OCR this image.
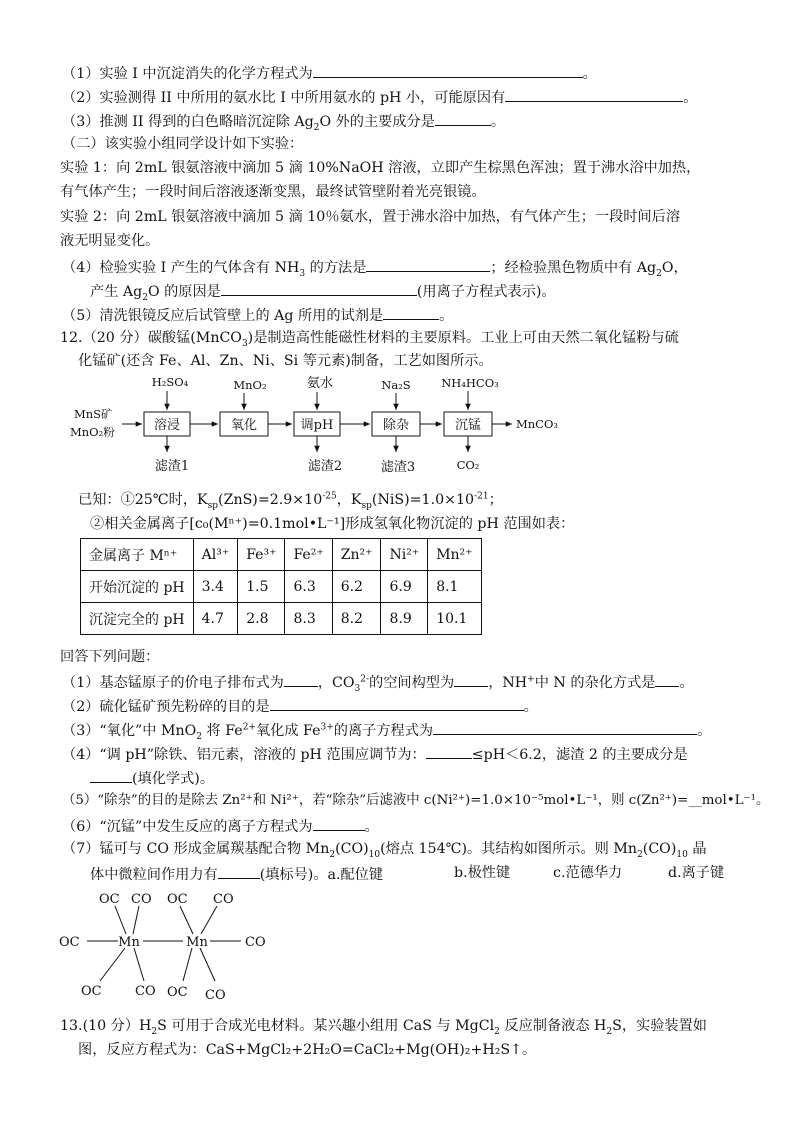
（1）实验 I 中沉淀消失的化学方程式为	。
（2）实验测得 II 中所用的氨水比 I 中所用氨水的 pH 小，可能原因有	。
（3）推测 II 得到的白色略暗沉淀除 $Ag_2O$ 外的主要成分是	。
（二）该实验小组同学设计如下实验：
实验 1：向 2mL 银氨溶液中滴加 5 滴 10%NaOH 溶液，立即产生棕黑色浑浊；置于沸水浴中加热，
有气体产生；一段时间后溶液逐渐变黑，最终试管壁附着光亮银镜。
实验 2：向 2mL 银氨溶液中滴加 5 滴 10％氨水，置于沸水浴中加热，有气体产生；一段时间后溶
液无明显变化。
（4）检验实验 I 产生的气体含有 $NH_3$ 的方法是	；经检验黑色物质中有 $Ag_2O$，
产生 $Ag_2O$ 的原因是	(用离子方程式表示)。
（5）清洗银镜反应后试管壁上的 Ag 所用的试剂是	。
12.（20 分）碳酸锰(MnCO$_3$)是制造高性能磁性材料的主要原料。工业上可由天然二氧化锰粉与硫
化锰矿(还含 Fe、Al、Zn、Ni、Si 等元素)制备，工艺如图所示。
MnS矿
MnO₂粉	溶浸	氧化	调pH	除杂	沉锰	MnCO₃
H₂SO₄	MnO₂	氨水	Na₂S	NH₄HCO₃
滤渣1	滤渣2	滤渣3	CO₂
已知：①25℃时，$K_{sp}(ZnS)=2.9\times 10^{-25}$，$K_{sp}(NiS)=1.0\times 10^{-21}$；
②相关金属离子[c₀(Mⁿ⁺)=0.1mol•L⁻¹]形成氢氧化物沉淀的 pH 范围如表：
金属离子 Mⁿ⁺	Al³⁺	Fe³⁺	Fe²⁺	Zn²⁺	Ni²⁺	Mn²⁺
开始沉淀的 pH	3.4	1.5	6.3	6.2	6.9	8.1
沉淀完全的 pH	4.7	2.8	8.3	8.2	8.9	10.1
回答下列问题：
（1）基态锰原子的价电子排布式为 ，$CO_3^{2-}$的空间构型为 ，NH+中 N 的杂化方式是 。
（2）硫化锰矿预先粉碎的目的是	。
（3）“氧化”中 MnO$_2$ 将 $Fe^{2+}$氧化成 $Fe^{3+}$的离子方程式为	。
（4）“调 pH”除铁、铝元素，溶液的 pH 范围应调节为：	≤pH＜6.2，滤渣 2 的主要成分是
(填化学式)。
（5）“除杂”的目的是除去 Zn²⁺和 Ni²⁺，若“除杂”后滤液中 c(Ni²⁺)=1.0×10⁻⁵mol•L⁻¹，则 c(Zn²⁺)=__mol•L⁻¹。
（6）“沉锰”中发生反应的离子方程式为	。
（7）锰可与 CO 形成金属羰基配合物 $Mn_2(CO)_{10}$(熔点 154℃)。其结构如图所示。则 $Mn_2(CO)_{10}$ 晶
体中微粒间作用力有	(填标号)。a.配位键	b.极性键	c.范德华力	d.离子键
Mn	Mn
OC	CO
OC CO OC CO
OC	CO OC CO
13.(10 分）$H_2S$ 可用于合成光电材料。某兴趣小组用 CaS 与 MgCl$_2$ 反应制备液态 $H_2S$，实验装置如
图，反应方程式为：CaS+MgCl₂+2H₂O=CaCl₂+Mg(OH)₂+H₂S↑。
